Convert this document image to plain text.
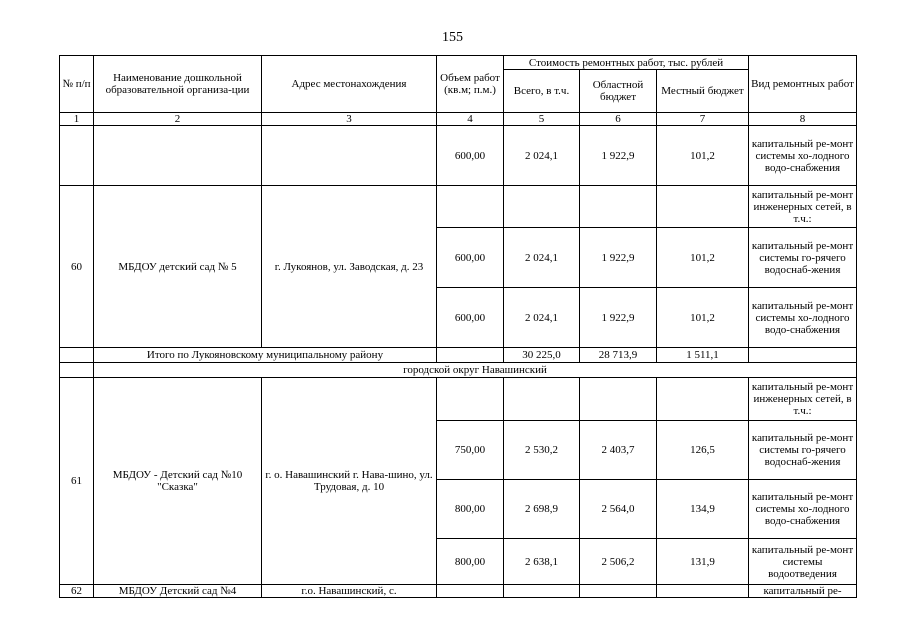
155
№ п/п	Наименование дошкольной образовательной организа-ции	Адрес местонахождения	Объем работ (кв.м; п.м.)	Стоимость ремонтных работ, тыс. рублей			Вид ремонтных работ
				Всего, в т.ч.	Областной бюджет	Местный бюджет	
1	2	3	4	5	6	7	8
			600,00	2 024,1	1 922,9	101,2	капитальный ре-монт системы хо-лодного водо-снабжения
60	МБДОУ детский сад № 5	г. Лукоянов, ул. Заводская, д. 23					капитальный ре-монт инженерных сетей, в т.ч.:
			600,00	2 024,1	1 922,9	101,2	капитальный ре-монт системы го-рячего водоснаб-жения
			600,00	2 024,1	1 922,9	101,2	капитальный ре-монт системы хо-лодного водо-снабжения
	Итого по Лукояновскому муниципальному району			30 225,0	28 713,9	1 511,1	
	городской округ Навашинский						
61	МБДОУ - Детский сад №10 "Сказка"	г. о. Навашинский г. Нава-шино, ул. Трудовая, д. 10					капитальный ре-монт инженерных сетей, в т.ч.:
			750,00	2 530,2	2 403,7	126,5	капитальный ре-монт системы го-рячего водоснаб-жения
			800,00	2 698,9	2 564,0	134,9	капитальный ре-монт системы хо-лодного водо-снабжения
			800,00	2 638,1	2 506,2	131,9	капитальный ре-монт системы водоотведения
62	МБДОУ Детский сад №4	г.о. Навашинский, с.					капитальный ре-
